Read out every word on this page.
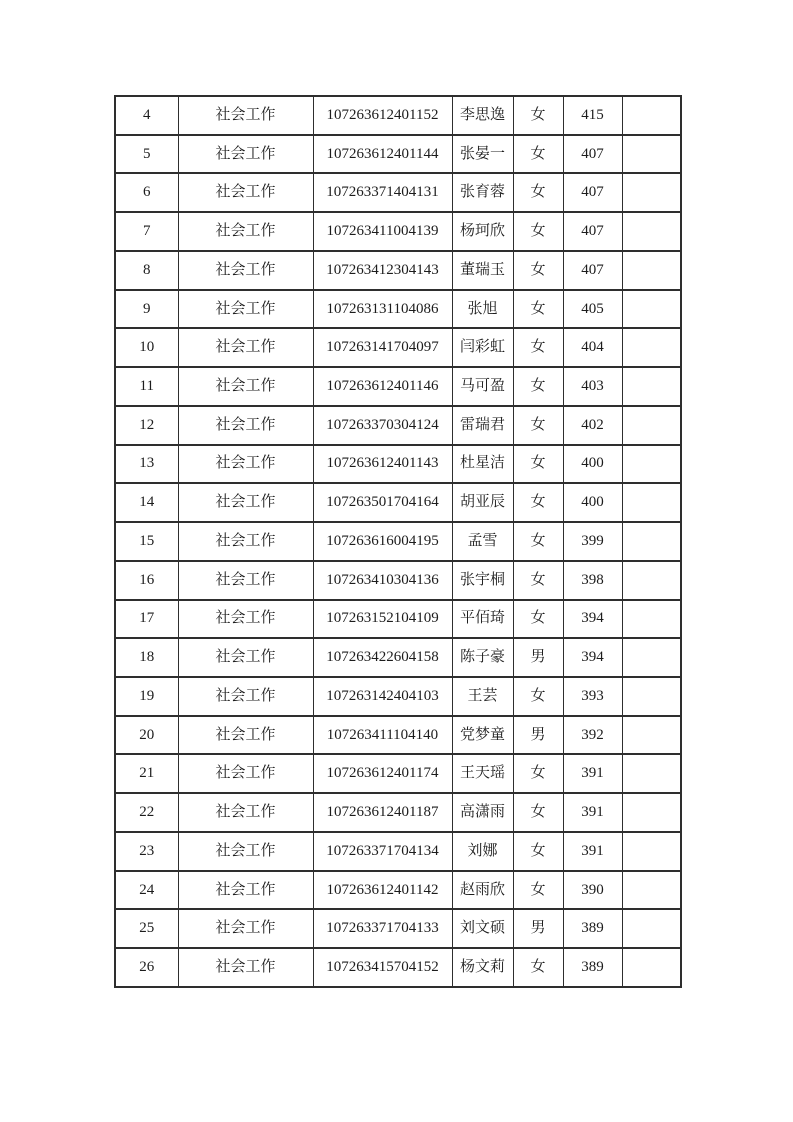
4	社会工作	107263612401152	李思逸	女	415	
5	社会工作	107263612401144	张晏一	女	407	
6	社会工作	107263371404131	张育蓉	女	407	
7	社会工作	107263411004139	杨珂欣	女	407	
8	社会工作	107263412304143	董瑞玉	女	407	
9	社会工作	107263131104086	张旭	女	405	
10	社会工作	107263141704097	闫彩虹	女	404	
11	社会工作	107263612401146	马可盈	女	403	
12	社会工作	107263370304124	雷瑞君	女	402	
13	社会工作	107263612401143	杜星洁	女	400	
14	社会工作	107263501704164	胡亚辰	女	400	
15	社会工作	107263616004195	孟雪	女	399	
16	社会工作	107263410304136	张宇桐	女	398	
17	社会工作	107263152104109	平佰琦	女	394	
18	社会工作	107263422604158	陈子豪	男	394	
19	社会工作	107263142404103	王芸	女	393	
20	社会工作	107263411104140	党梦童	男	392	
21	社会工作	107263612401174	王天瑶	女	391	
22	社会工作	107263612401187	高潇雨	女	391	
23	社会工作	107263371704134	刘娜	女	391	
24	社会工作	107263612401142	赵雨欣	女	390	
25	社会工作	107263371704133	刘文硕	男	389	
26	社会工作	107263415704152	杨文莉	女	389	
